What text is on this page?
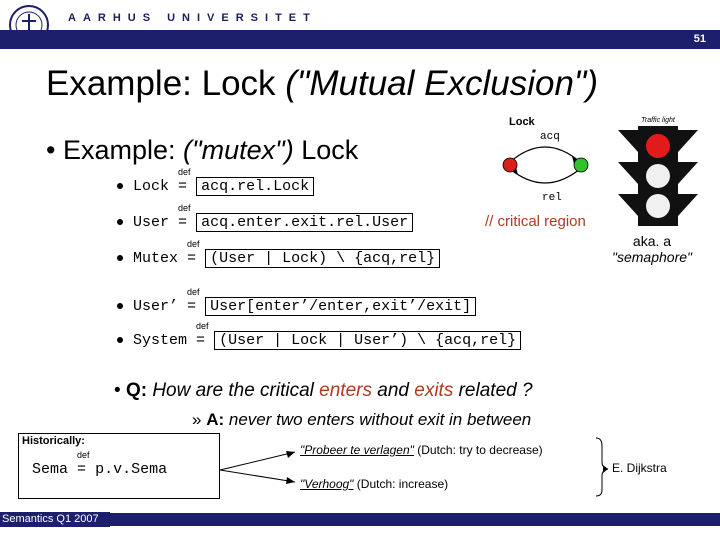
AARHUS UNIVERSITET
51
Example: Lock ("Mutual Exclusion")
• Example: ("mutex") Lock
Lock
def
= acq.rel.Lock
User
def
= $acq.enter.exit.\overline{rel}.User$	// critical region
Mutex
def
= (User | Lock) \ {acq,rel}
User’
def
= User[enter’/enter,exit’/exit]
System
def
= (User | Lock | User’) \ {acq,rel}
Lock
acq
rel
Traffic light
aka. a
"semaphore"
• Q: How are the critical enters and exits related ?
» A: never two enters without exit in between
Historically:
Sema
def
= p.v.Sema
"Probeer te verlagen" (Dutch: try to decrease)
"Verhoog" (Dutch: increase)
E. Dijkstra
Semantics Q1 2007
